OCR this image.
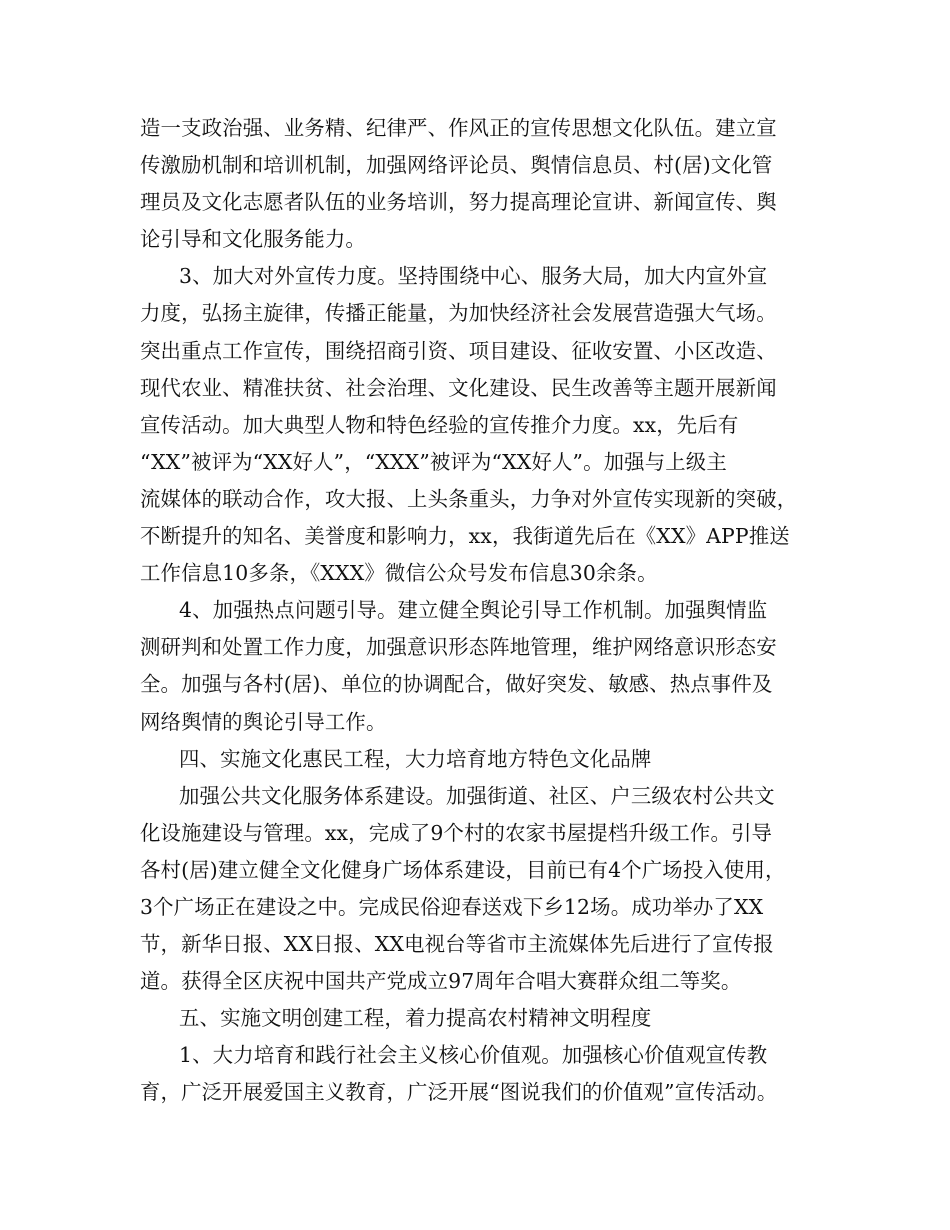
造一支政治强、业务精、纪律严、作风正的宣传思想文化队伍。建立宣
传激励机制和培训机制，加强网络评论员、舆情信息员、村(居)文化管
理员及文化志愿者队伍的业务培训，努力提高理论宣讲、新闻宣传、舆
论引导和文化服务能力。
3、加大对外宣传力度。坚持围绕中心、服务大局，加大内宣外宣
力度，弘扬主旋律，传播正能量，为加快经济社会发展营造强大气场。
突出重点工作宣传，围绕招商引资、项目建设、征收安置、小区改造、
现代农业、精准扶贫、社会治理、文化建设、民生改善等主题开展新闻
宣传活动。加大典型人物和特色经验的宣传推介力度。xx，先后有
“XX”被评为“XX好人”，“XXX”被评为“XX好人”。加强与上级主
流媒体的联动合作，攻大报、上头条重头，力争对外宣传实现新的突破，
不断提升的知名、美誉度和影响力，xx，我街道先后在《XX》APP推送
工作信息10多条，《XXX》微信公众号发布信息30余条。
4、加强热点问题引导。建立健全舆论引导工作机制。加强舆情监
测研判和处置工作力度，加强意识形态阵地管理，维护网络意识形态安
全。加强与各村(居)、单位的协调配合，做好突发、敏感、热点事件及
网络舆情的舆论引导工作。
四、实施文化惠民工程，大力培育地方特色文化品牌
加强公共文化服务体系建设。加强街道、社区、户三级农村公共文
化设施建设与管理。xx，完成了9个村的农家书屋提档升级工作。引导
各村(居)建立健全文化健身广场体系建设，目前已有4个广场投入使用，
3个广场正在建设之中。完成民俗迎春送戏下乡12场。成功举办了XX
节，新华日报、XX日报、XX电视台等省市主流媒体先后进行了宣传报
道。获得全区庆祝中国共产党成立97周年合唱大赛群众组二等奖。
五、实施文明创建工程，着力提高农村精神文明程度
1、大力培育和践行社会主义核心价值观。加强核心价值观宣传教
育，广泛开展爱国主义教育，广泛开展“图说我们的价值观”宣传活动。
